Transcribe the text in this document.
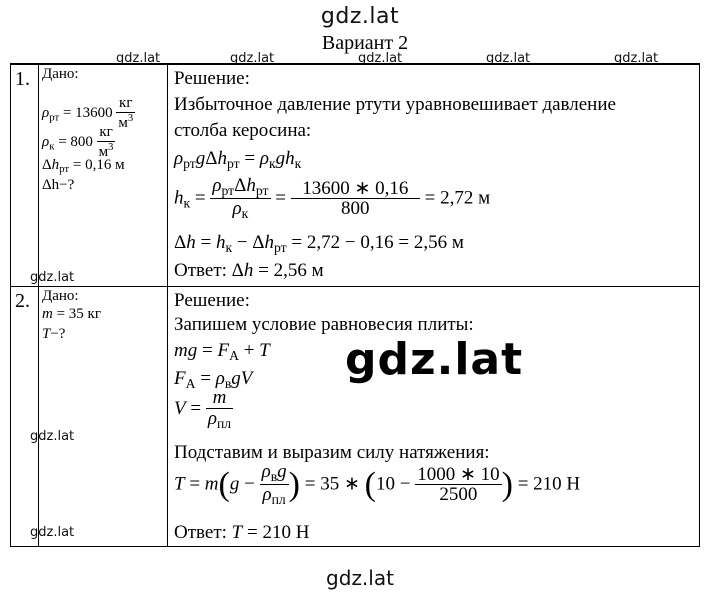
gdz.lat
Вариант 2
gdz.lat	gdz.lat	gdz.lat	gdz.lat	gdz.lat
1. Дано:
$\rho_{рт} = 13600 \frac{кг}{м^3}$
$\rho_к = 800 \frac{кг}{м^3}$
$\Delta h_{рт} = 0,16$ м
Δh−?
gdz.lat
Решение:
Избыточное давление ртути уравновешивает давление
столба керосина:
$\rho_{рт}g\Delta h_{рт} = \rho_кgh_к$
$h_к = \frac{\rho_{рт}\Delta h_{рт}}{\rho_к} = \frac{13600 ∗ 0,16}{800} = 2,72$ м
$\Delta h = h_к - \Delta h_{рт} = 2,72 - 0,16 = 2,56$ м
Ответ: Δh = 2,56 м
2. Дано:
m = 35 кг
T−?
gdz.lat
gdz.lat
Решение:
Запишем условие равновесия плиты:
mg = $F_А + T$
$F_А = \rho_вgV$
$V = \frac{m}{\rho_{пл}}$
Подставим и выразим силу натяжения:
$T = m(g - \frac{\rho_вg}{\rho_{пл}}$ ) = 35 ∗ ($10 - \frac{1000 ∗ 10}{2500}$ ) = 210 Н
Ответ: T = 210 Н
gdz.lat
gdz.lat
